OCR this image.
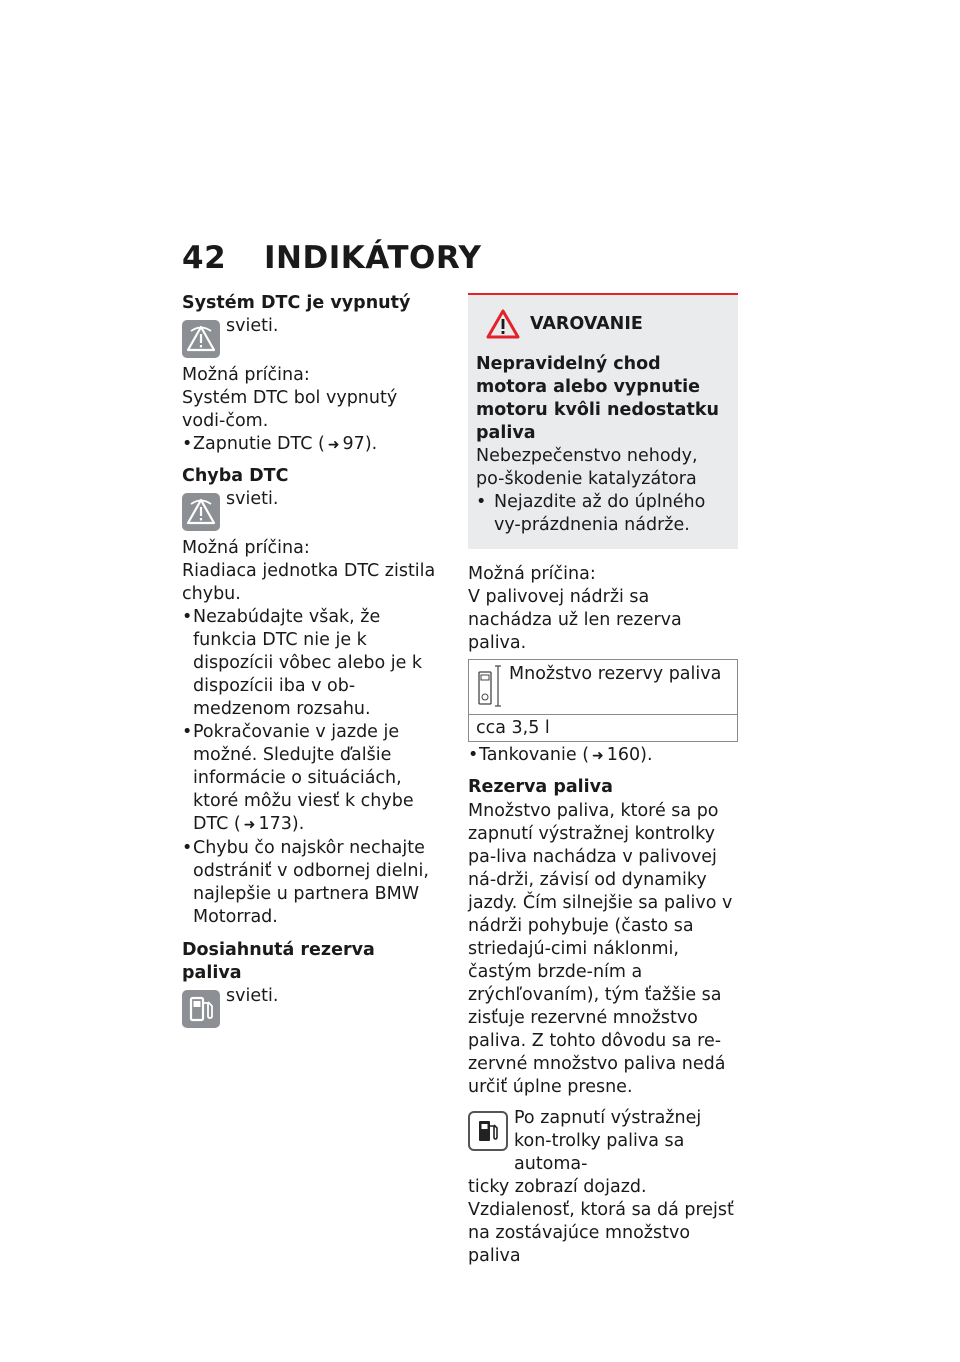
42 INDIKÁTORY
Systém DTC je vypnutý
svieti.

Možná príčina:

Systém DTC bol vypnutý vodi-čom.

• Zapnutie DTC ( ➜ 97).
Chyba DTC
svieti.

Možná príčina:

Riadiaca jednotka DTC zistila chybu.

• Nezabúdajte však, že funkcia DTC nie je k dispozícii vôbec alebo je k dispozícii iba v ob-medzenom rozsahu.
• Pokračovanie v jazde je možné. Sledujte ďalšie informácie o situáciách, ktoré môžu viesť k chybe DTC ( ➜ 173).
• Chybu čo najskôr nechajte odstrániť v odbornej dielni, najlepšie u partnera BMW Motorrad.
Dosiahnutá rezerva paliva
svieti.
VAROVANIE
Nepravidelný chod motora alebo vypnutie motoru kvôli nedostatku paliva

Nebezpečenstvo nehody, po-škodenie katalyzátora

• Nejazdite až do úplného vy-prázdnenia nádrže.

Možná príčina:

V palivovej nádrži sa nachádza už len rezerva paliva.

Množstvo rezervy paliva
cca 3,5 l
• Tankovanie ( ➜ 160).
Rezerva paliva

Množstvo paliva, ktoré sa po zapnutí výstražnej kontrolky pa-liva nachádza v palivovej ná-drži, závisí od dynamiky jazdy. Čím silnejšie sa palivo v nádrži pohybuje (často sa striedajú-cimi náklonmi, častým brzde-ním a zrýchľovaním), tým ťažšie sa zisťuje rezervné množstvo paliva. Z tohto dôvodu sa re-zervné množstvo paliva nedá určiť úplne presne.

Po zapnutí výstražnej kon-trolky paliva sa automa-

ticky zobrazí dojazd. Vzdialenosť, ktorá sa dá prejsť na zostávajúce množstvo paliva
